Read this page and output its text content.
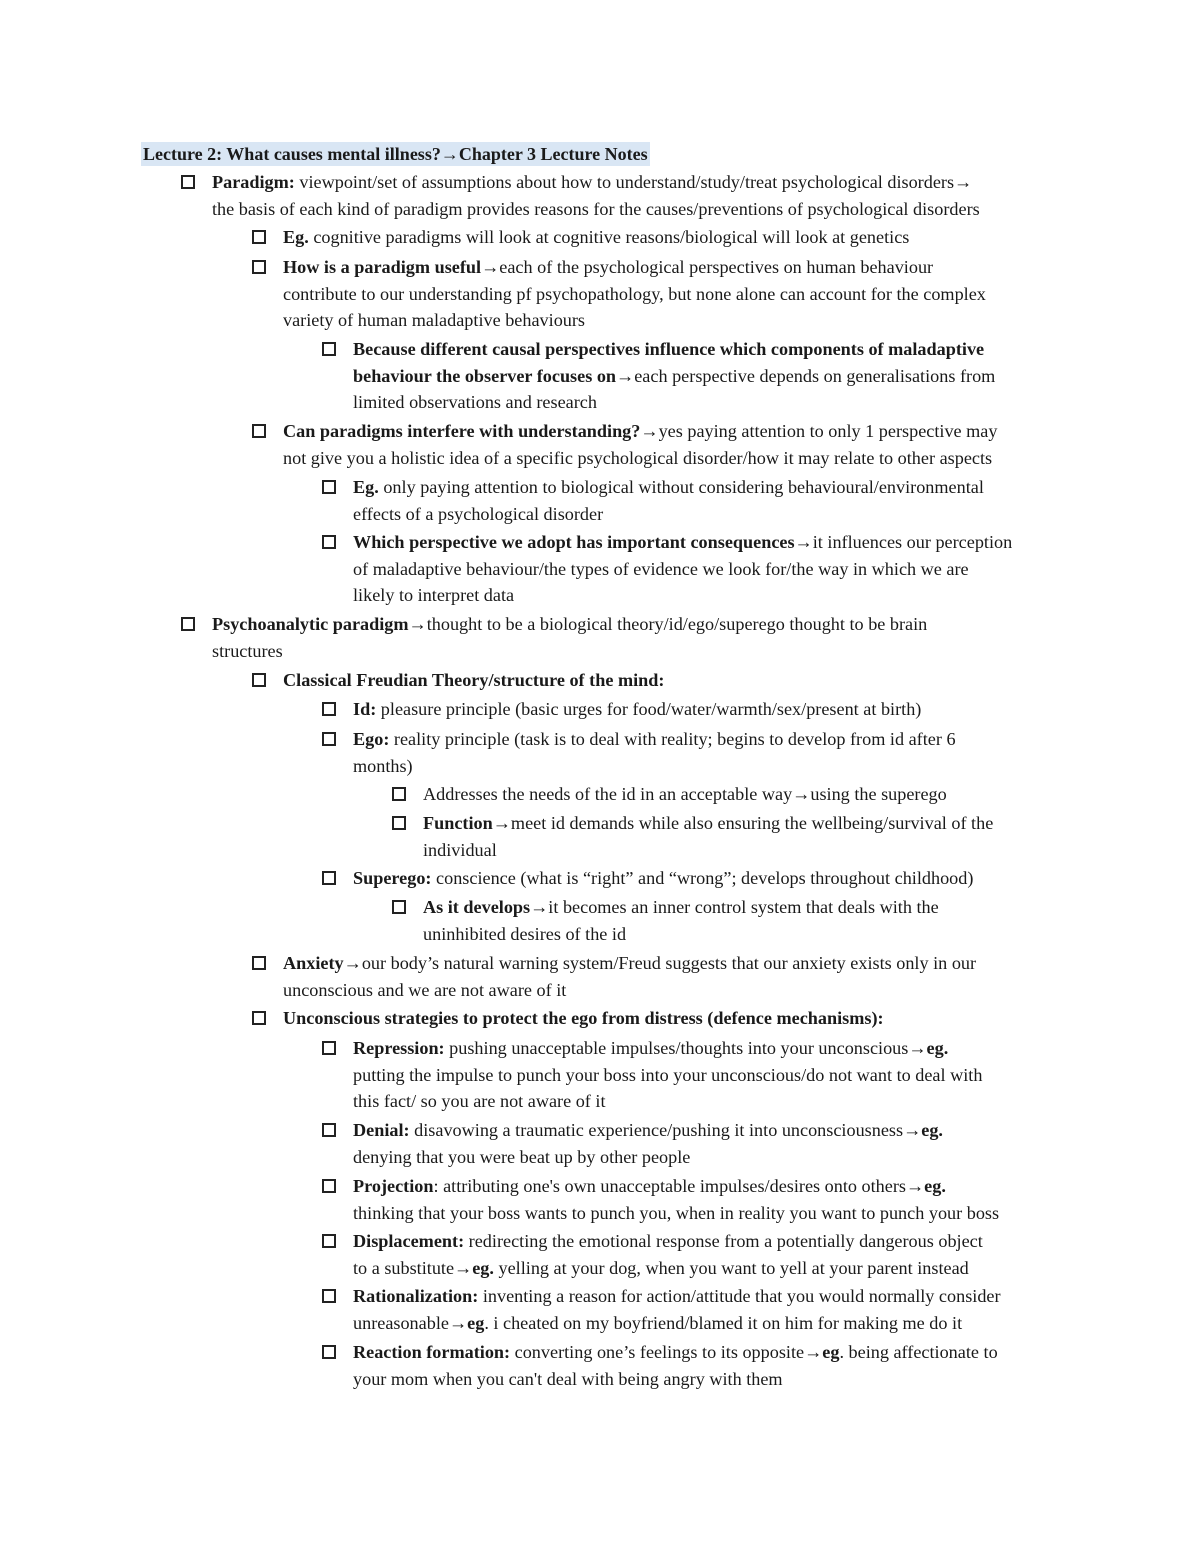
Lecture 2: What causes mental illness?→Chapter 3 Lecture Notes
Paradigm: viewpoint/set of assumptions about how to understand/study/treat psychological disorders→
the basis of each kind of paradigm provides reasons for the causes/preventions of psychological disorders
Eg. cognitive paradigms will look at cognitive reasons/biological will look at genetics
How is a paradigm useful→each of the psychological perspectives on human behaviour
contribute to our understanding pf psychopathology, but none alone can account for the complex
variety of human maladaptive behaviours
Because different causal perspectives influence which components of maladaptive
behaviour the observer focuses on→each perspective depends on generalisations from
limited observations and research
Can paradigms interfere with understanding?→yes paying attention to only 1 perspective may
not give you a holistic idea of a specific psychological disorder/how it may relate to other aspects
Eg. only paying attention to biological without considering behavioural/environmental
effects of a psychological disorder
Which perspective we adopt has important consequences→it influences our perception
of maladaptive behaviour/the types of evidence we look for/the way in which we are
likely to interpret data
Psychoanalytic paradigm→thought to be a biological theory/id/ego/superego thought to be brain
structures
Classical Freudian Theory/structure of the mind:
Id: pleasure principle (basic urges for food/water/warmth/sex/present at birth)
Ego: reality principle (task is to deal with reality; begins to develop from id after 6
months)
Addresses the needs of the id in an acceptable way→using the superego
Function→meet id demands while also ensuring the wellbeing/survival of the
individual
Superego: conscience (what is “right” and “wrong”; develops throughout childhood)
As it develops→it becomes an inner control system that deals with the
uninhibited desires of the id
Anxiety→our body’s natural warning system/Freud suggests that our anxiety exists only in our
unconscious and we are not aware of it
Unconscious strategies to protect the ego from distress (defence mechanisms):
Repression: pushing unacceptable impulses/thoughts into your unconscious→eg.
putting the impulse to punch your boss into your unconscious/do not want to deal with
this fact/ so you are not aware of it
Denial: disavowing a traumatic experience/pushing it into unconsciousness→eg.
denying that you were beat up by other people
Projection: attributing one's own unacceptable impulses/desires onto others→eg.
thinking that your boss wants to punch you, when in reality you want to punch your boss
Displacement: redirecting the emotional response from a potentially dangerous object
to a substitute→eg. yelling at your dog, when you want to yell at your parent instead
Rationalization: inventing a reason for action/attitude that you would normally consider
unreasonable→eg. i cheated on my boyfriend/blamed it on him for making me do it
Reaction formation: converting one’s feelings to its opposite→eg. being affectionate to
your mom when you can't deal with being angry with them
